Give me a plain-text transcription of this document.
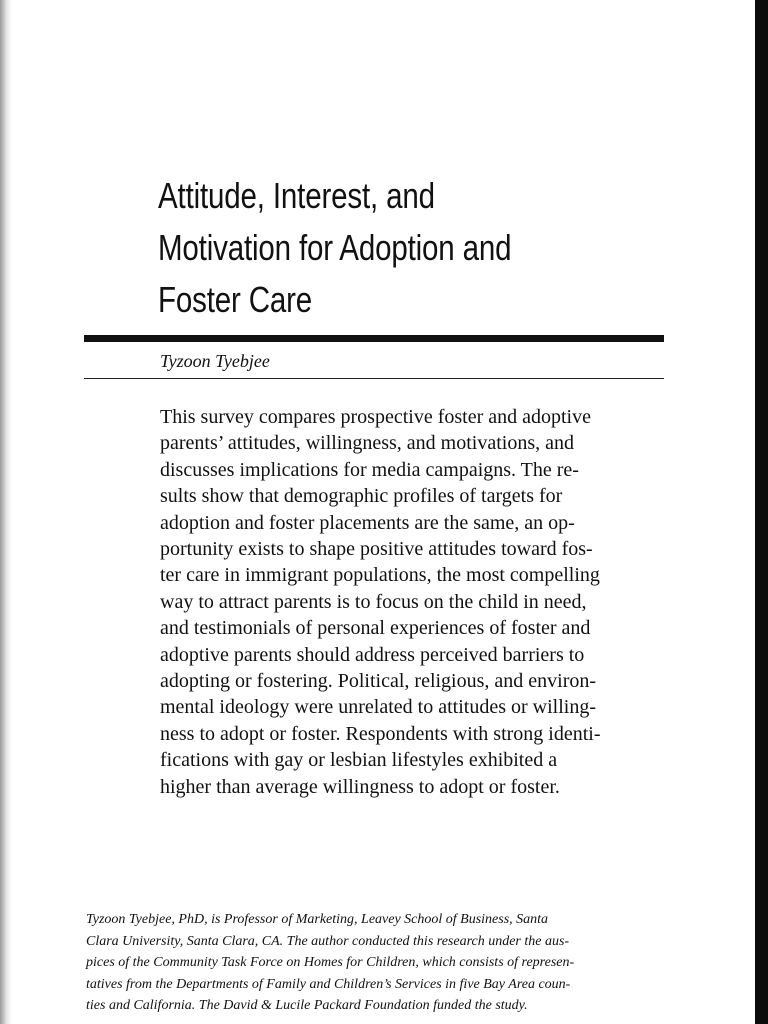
Attitude, Interest, and
Motivation for Adoption and
Foster Care
Tyzoon Tyebjee
This survey compares prospective foster and adoptive
parents’ attitudes, willingness, and motivations, and
discusses implications for media campaigns. The re-
sults show that demographic profiles of targets for
adoption and foster placements are the same, an op-
portunity exists to shape positive attitudes toward fos-
ter care in immigrant populations, the most compelling
way to attract parents is to focus on the child in need,
and testimonials of personal experiences of foster and
adoptive parents should address perceived barriers to
adopting or fostering. Political, religious, and environ-
mental ideology were unrelated to attitudes or willing-
ness to adopt or foster. Respondents with strong identi-
fications with gay or lesbian lifestyles exhibited a
higher than average willingness to adopt or foster.
Tyzoon Tyebjee, PhD, is Professor of Marketing, Leavey School of Business, Santa
Clara University, Santa Clara, CA. The author conducted this research under the aus-
pices of the Community Task Force on Homes for Children, which consists of represen-
tatives from the Departments of Family and Children’s Services in five Bay Area coun-
ties and California. The David & Lucile Packard Foundation funded the study.
